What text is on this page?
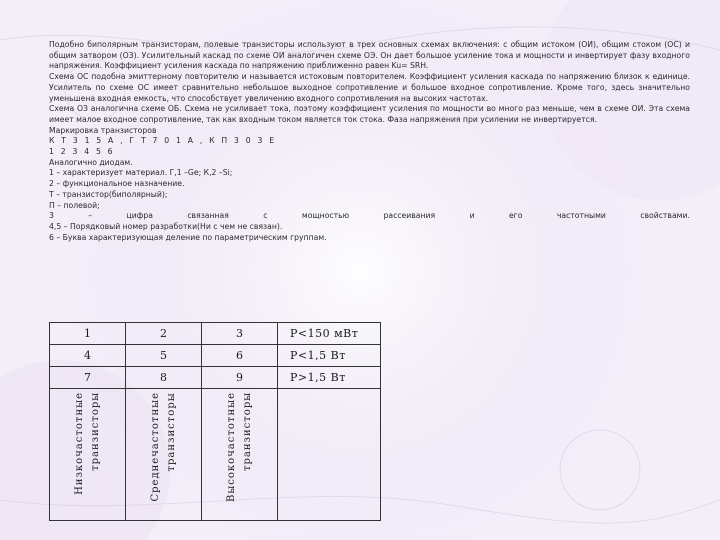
Подобно биполярным транзисторам, полевые транзисторы используют в трех основных схемах включения: с общим истоком (ОИ), общим стоком (ОС) и общим затвором (ОЗ). Усилительный каскад по схеме ОИ аналогичен схеме ОЭ. Он дает большое усиление тока и мощности и инвертирует фазу входного напряжения. Коэффициент усиления каскада по напряжению приближенно равен Ku= SRH.

Схема ОС подобна эмиттерному повторителю и называется истоковым повторителем. Коэффициент усиления каскада по напряжению близок к единице. Усилитель по схеме ОС имеет сравнительно небольшое выходное сопротивление и большое входное сопротивление. Кроме того, здесь значительно уменьшена входная емкость, что способствует увеличению входного сопротивления на высоких частотах.

Схема ОЗ аналогична схеме ОБ. Схема не усиливает тока, поэтому коэффициент усиления по мощности во много раз меньше, чем в схеме ОИ. Эта схема имеет малое входное сопротивление, так как входным током является ток стока. Фаза напряжения при усилении не инвертируется.

Маркировка транзисторов

К Т 3 1 5 А , Г Т 7 0 1 А , К П 3 0 3 Е

1 2 3 4 5 6

Аналогично диодам.

1 – характеризует материал. Г,1 –Ge; К,2 –Si;

2 – функциональное назначение.

Т – транзистор(биполярный);

П – полевой;

3	–	цифра	связанная	с	мощностью	рассеивания	и	его	частотными	свойствами.

4,5 – Порядковый номер разработки(Ни с чем не связан).

6 – Буква характеризующая деление по параметрическим группам.

1	2	3	P<150 мВт
4	5	6	P<1,5 Вт
7	8	9	P>1,5 Вт

Низкочастотные транзисторы	Среднечастотные транзисторы	Высокочастотные транзисторы	
